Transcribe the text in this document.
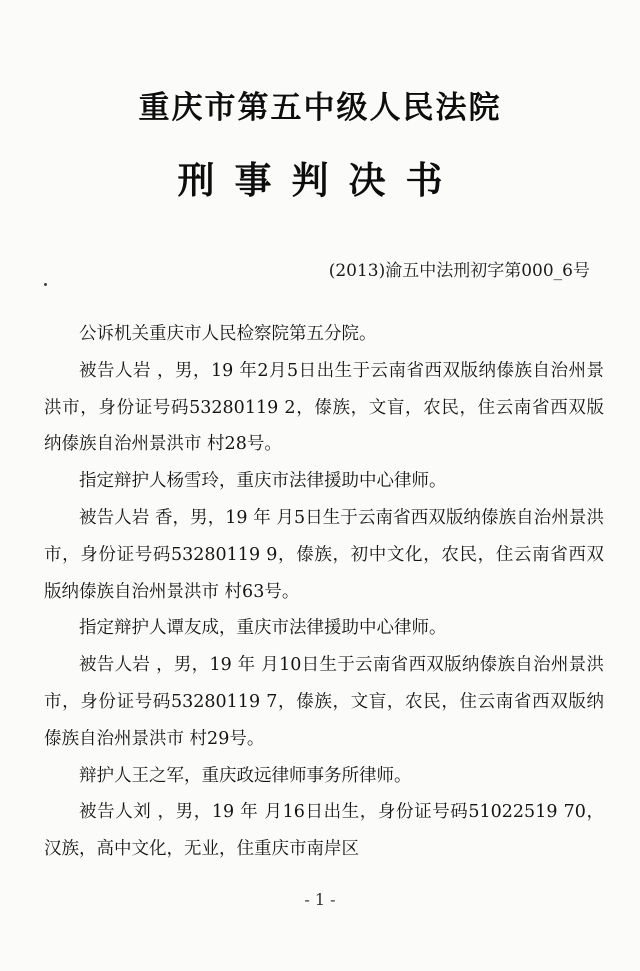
重庆市第五中级人民法院
刑事判决书
(2013)渝五中法刑初字第000_6号

公诉机关重庆市人民检察院第五分院。

被告人岩 ，男，19 年2月5日出生于云南省西双版纳傣族自治州景洪市，身份证号码53280119 2，傣族，文盲，农民，住云南省西双版纳傣族自治州景洪市 村28号。

指定辩护人杨雪玲，重庆市法律援助中心律师。

被告人岩 香，男，19 年 月5日生于云南省西双版纳傣族自治州景洪市，身份证号码53280119 9，傣族，初中文化，农民，住云南省西双版纳傣族自治州景洪市 村63号。

指定辩护人谭友成，重庆市法律援助中心律师。

被告人岩 ，男，19 年 月10日生于云南省西双版纳傣族自治州景洪市，身份证号码53280119 7，傣族，文盲，农民，住云南省西双版纳傣族自治州景洪市 村29号。

辩护人王之军，重庆政远律师事务所律师。

被告人刘 ，男，19 年 月16日出生，身份证号码51022519 70，汉族，高中文化，无业，住重庆市南岸区

- 1 -
